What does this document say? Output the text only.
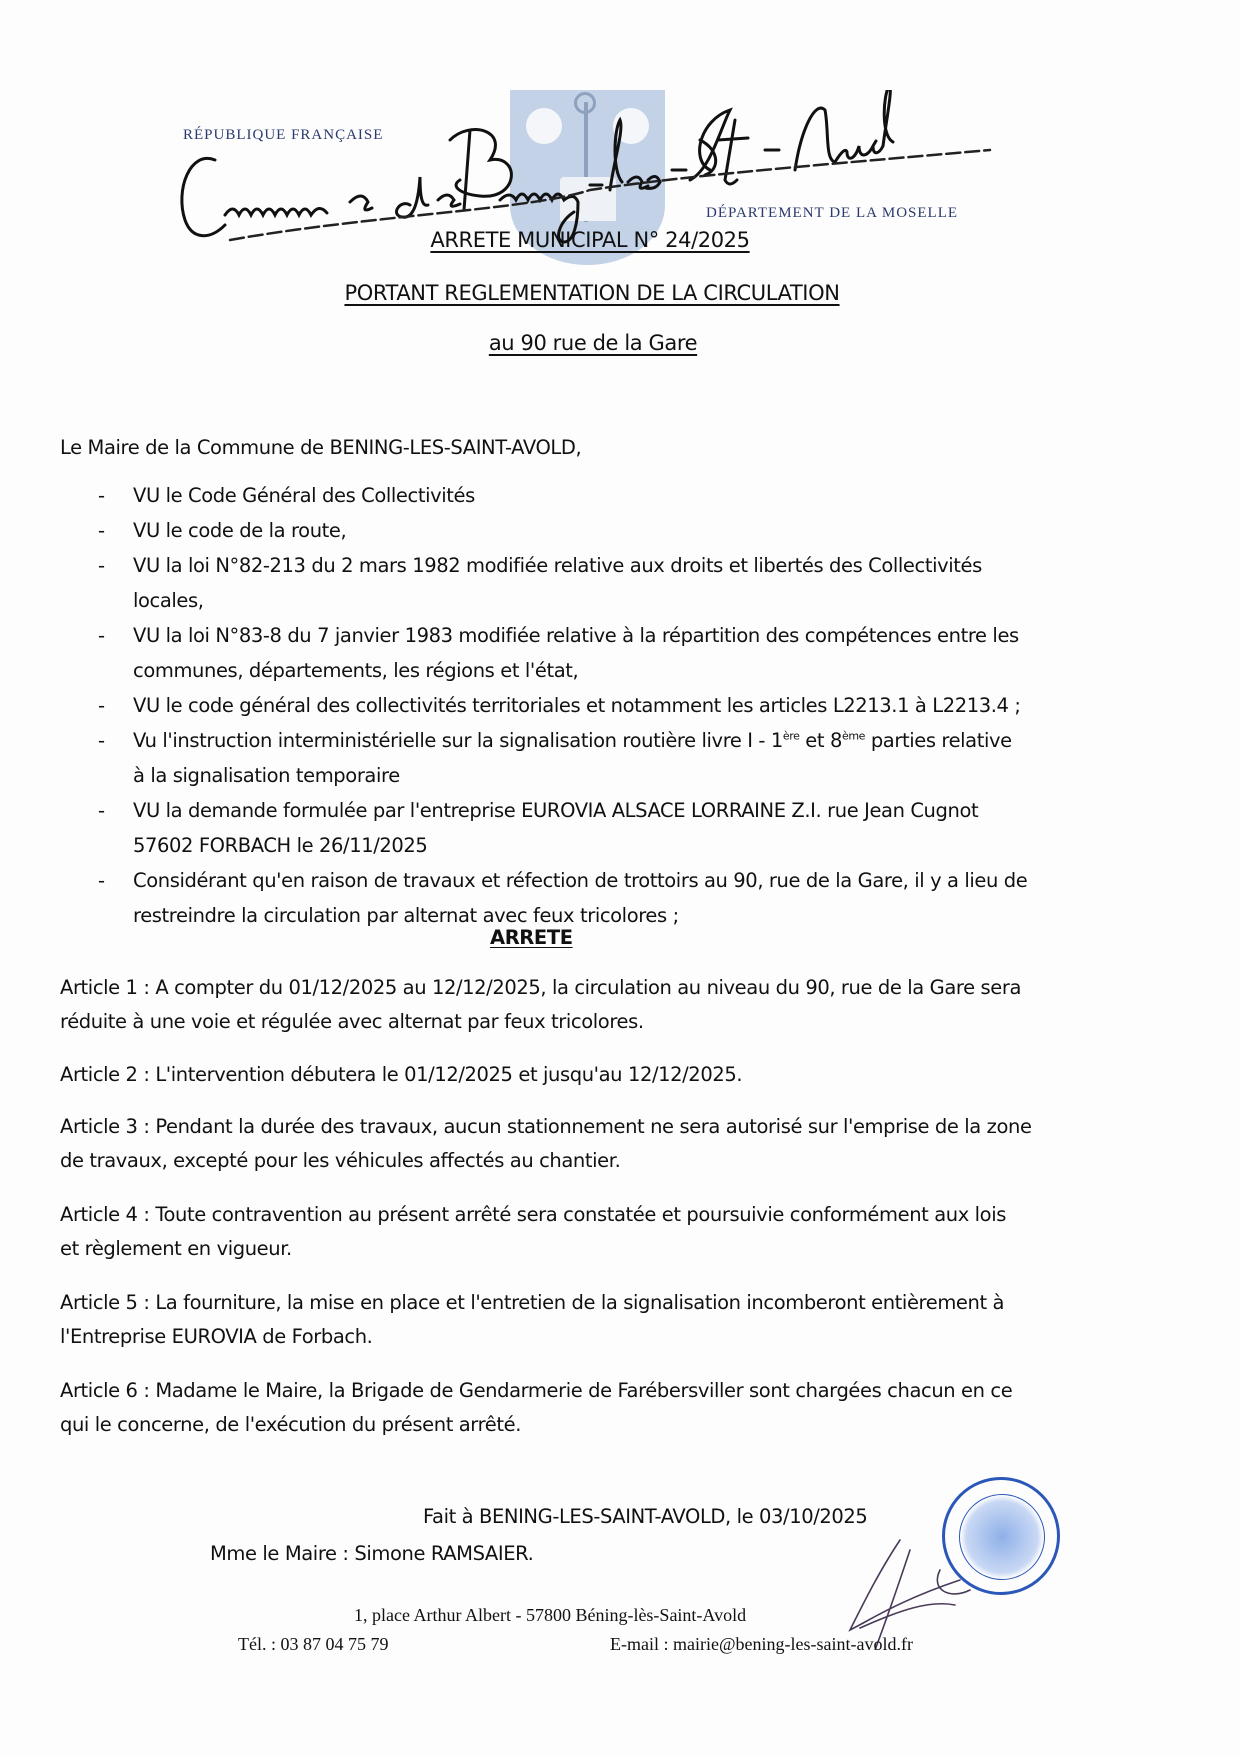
RÉPUBLIQUE FRANÇAISE
DÉPARTEMENT DE LA MOSELLE
ARRETE MUNICIPAL N° 24/2025
PORTANT REGLEMENTATION DE LA CIRCULATION
au 90 rue de la Gare
Le Maire de la Commune de BENING-LES-SAINT-AVOLD,
- VU le Code Général des Collectivités
- VU le code de la route,
- VU la loi N°82-213 du 2 mars 1982 modifiée relative aux droits et libertés des Collectivités
locales,
- VU la loi N°83-8 du 7 janvier 1983 modifiée relative à la répartition des compétences entre les
communes, départements, les régions et l'état,
- VU le code général des collectivités territoriales et notamment les articles L2213.1 à L2213.4 ;
- Vu l'instruction interministérielle sur la signalisation routière livre I - 1ère et 8ème parties relative
à la signalisation temporaire
- VU la demande formulée par l'entreprise EUROVIA ALSACE LORRAINE Z.I. rue Jean Cugnot
57602 FORBACH le 26/11/2025
- Considérant qu'en raison de travaux et réfection de trottoirs au 90, rue de la Gare, il y a lieu de
restreindre la circulation par alternat avec feux tricolores ;
ARRETE
Article 1 : A compter du 01/12/2025 au 12/12/2025, la circulation au niveau du 90, rue de la Gare sera
réduite à une voie et régulée avec alternat par feux tricolores.
Article 2 : L'intervention débutera le 01/12/2025 et jusqu'au 12/12/2025.
Article 3 : Pendant la durée des travaux, aucun stationnement ne sera autorisé sur l'emprise de la zone
de travaux, excepté pour les véhicules affectés au chantier.
Article 4 : Toute contravention au présent arrêté sera constatée et poursuivie conformément aux lois
et règlement en vigueur.
Article 5 : La fourniture, la mise en place et l'entretien de la signalisation incomberont entièrement à
l'Entreprise EUROVIA de Forbach.
Article 6 : Madame le Maire, la Brigade de Gendarmerie de Farébersviller sont chargées chacun en ce
qui le concerne, de l'exécution du présent arrêté.
Fait à BENING-LES-SAINT-AVOLD, le 03/10/2025
Mme le Maire : Simone RAMSAIER.
1, place Arthur Albert - 57800 Béning-lès-Saint-Avold
Tél. : 03 87 04 75 79	E-mail : mairie@bening-les-saint-avold.fr
